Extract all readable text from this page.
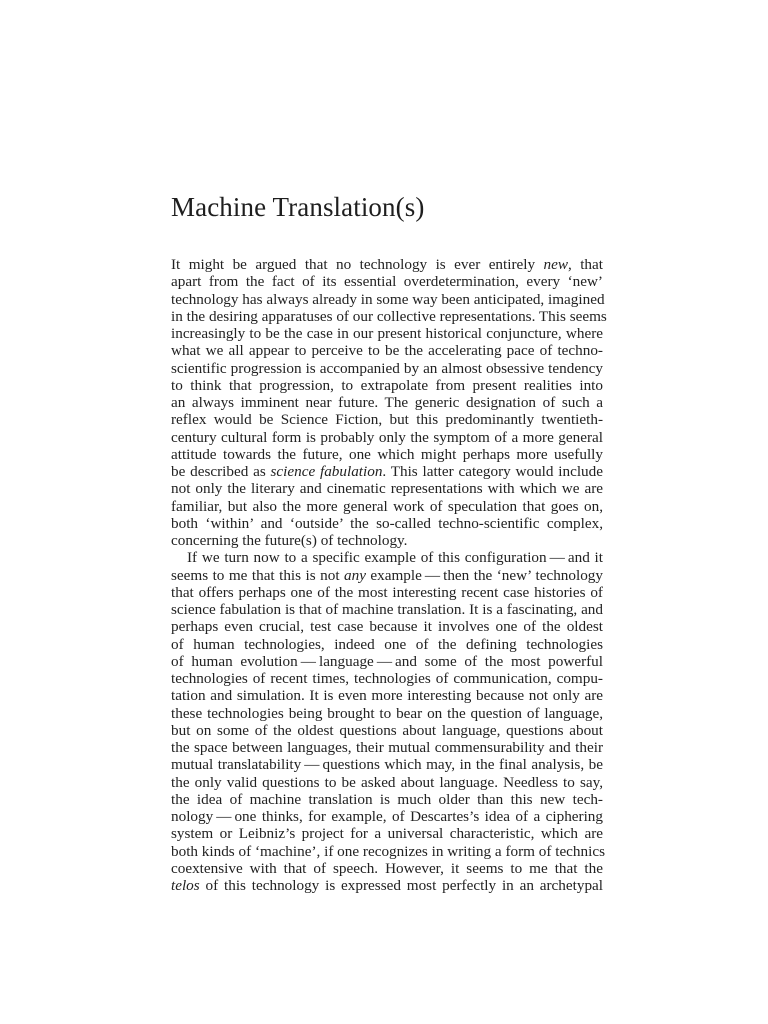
Machine Translation(s)
It might be argued that no technology is ever entirely new, that
apart from the fact of its essential overdetermination, every ‘new’
technology has always already in some way been anticipated, imagined
in the desiring apparatuses of our collective representations. This seems
increasingly to be the case in our present historical conjuncture, where
what we all appear to perceive to be the accelerating pace of techno-
scientific progression is accompanied by an almost obsessive tendency
to think that progression, to extrapolate from present realities into
an always imminent near future. The generic designation of such a
reflex would be Science Fiction, but this predominantly twentieth-
century cultural form is probably only the symptom of a more general
attitude towards the future, one which might perhaps more usefully
be described as science fabulation. This latter category would include
not only the literary and cinematic representations with which we are
familiar, but also the more general work of speculation that goes on,
both ‘within’ and ‘outside’ the so-called techno-scientific complex,
concerning the future(s) of technology.
If we turn now to a specific example of this configuration — and it
seems to me that this is not any example — then the ‘new’ technology
that offers perhaps one of the most interesting recent case histories of
science fabulation is that of machine translation. It is a fascinating, and
perhaps even crucial, test case because it involves one of the oldest
of human technologies, indeed one of the defining technologies
of human evolution — language — and some of the most powerful
technologies of recent times, technologies of communication, compu-
tation and simulation. It is even more interesting because not only are
these technologies being brought to bear on the question of language,
but on some of the oldest questions about language, questions about
the space between languages, their mutual commensurability and their
mutual translatability — questions which may, in the final analysis, be
the only valid questions to be asked about language. Needless to say,
the idea of machine translation is much older than this new tech-
nology — one thinks, for example, of Descartes’s idea of a ciphering
system or Leibniz’s project for a universal characteristic, which are
both kinds of ‘machine’, if one recognizes in writing a form of technics
coextensive with that of speech. However, it seems to me that the
telos of this technology is expressed most perfectly in an archetypal
